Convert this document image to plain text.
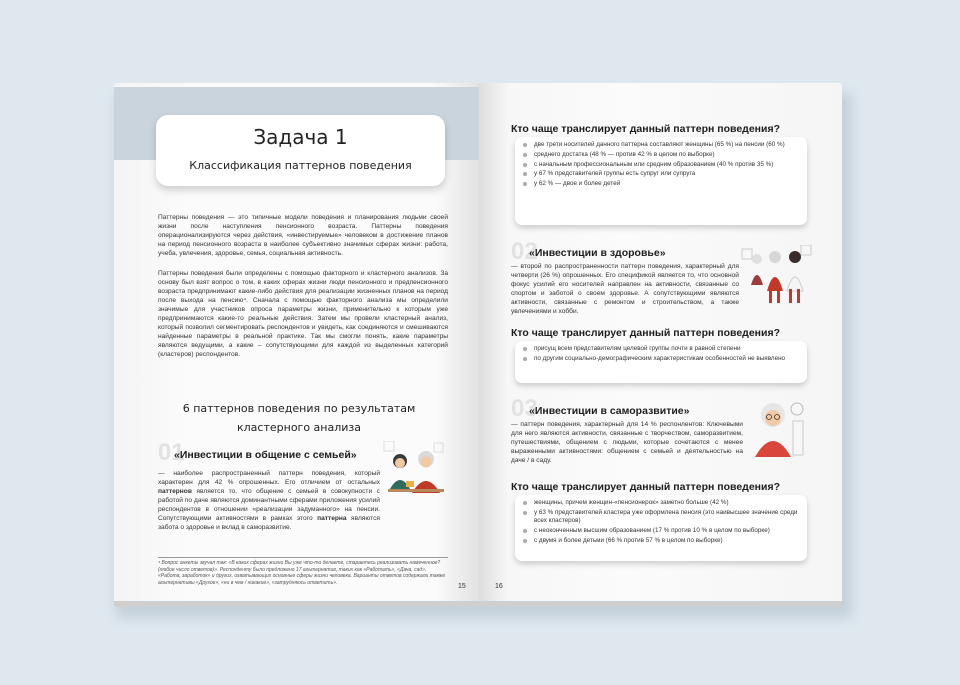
Задача 1
Классификация паттернов поведения
Паттерны поведения — это типичные модели поведения и планирования людьми своей жизни после наступления пенсионного возраста. Паттерны поведения операционализируются через действия, «инвестируемые» человеком в достижение планов на период пенсионного возраста в наиболее субъективно значимых сферах жизни: работа, учеба, увлечения, здоровье, семья, социальная активность.
Паттерны поведения были определены с помощью факторного и кластерного анализов. За основу был взят вопрос о том, в каких сферах жизни люди пенсионного и предпенсионного возраста предпринимают какие-либо действия для реализации жизненных планов на период после выхода на пенсию⁴. Сначала с помощью факторного анализа мы определили значимые для участников опроса параметры жизни, применительно к которым уже предпринимаются какие-то реальные действия. Затем мы провели кластерный анализ, который позволил сегментировать респондентов и увидеть, как соединяются и смешиваются найденные параметры в реальной практике. Так мы смогли понять, какие параметры являются ведущими, а какие – сопутствующими для каждой из выделенных категорий (кластеров) респондентов.
6 паттернов поведения по результатам
кластерного анализа
01
«Инвестиции в общение с семьей»
— наиболее распространенный паттерн поведения, который характерен для 42 % опрошенных. Его отличием от остальных паттернов является то, что общение с семьей в совокупности с работой по даче являются доминантными сферами приложения усилий респондентов в отношении «реализации задуманного» на пенсии. Сопутствующими активностями в рамках этого паттерна являются забота о здоровье и вклад в саморазвитие.
⁴ Вопрос анкеты звучал так: «В каких сферах жизни Вы уже что-то делаете, стараетесь реализовать намеченное? (любое число ответов)». Респонденту было предложено 17 альтернатив, таких как «Работать», «Дача, сад», «Работа, заработок» и других, охватывающих основные сферы жизни человека. Варианты ответов содержали также альтернативы «Другое», «ни в чем / никакие», «затрудняюсь ответить».
15
Кто чаще транслирует данный паттерн поведения?
две трети носителей данного паттерна составляют женщины (65 %) на пенсии (60 %)
среднего достатка (48 % — против 42 % в целом по выборке)
с начальным профессиональным или средним образованием (40 % против 35 %)
у 67 % представителей группы есть супруг или супруга
у 62 % — двое и более детей
02
«Инвестиции в здоровье»
— второй по распространенности паттерн поведения, характерный для четверти (26 %) опрошенных. Его спецификой является то, что основной фокус усилий его носителей направлен на активности, связанные со спортом и заботой о своем здоровье. А сопутствующими являются активности, связанные с ремонтом и строительством, а также увлечениями и хобби.
Кто чаще транслирует данный паттерн поведения?
присущ всем представителям целевой группы почти в равной степени
по другим социально-демографическим характеристикам особенностей не выявлено
03
«Инвестиции в саморазвитие»
— паттерн поведения, характерный для 14 % респонлентов: Ключевыми для него являются активности, связанные с творчеством, саморазвитием, путешествиями, общением с людьми, которые сочетаются с менее выраженными активностями: общением с семьей и деятельностью на даче / в саду.
Кто чаще транслирует данный паттерн поведения?
женщины, причем женщин-«пенсионерок» заметно больше (42 %)
у 63 % представителей кластера уже оформлена пенсия (это наивысшее значение среди всех кластеров)
с неоконченным высшим образованием (17 % против 10 % в целом по выборке)
с двумя и более детьми (66 % против 57 % в целом по выборке)
16
